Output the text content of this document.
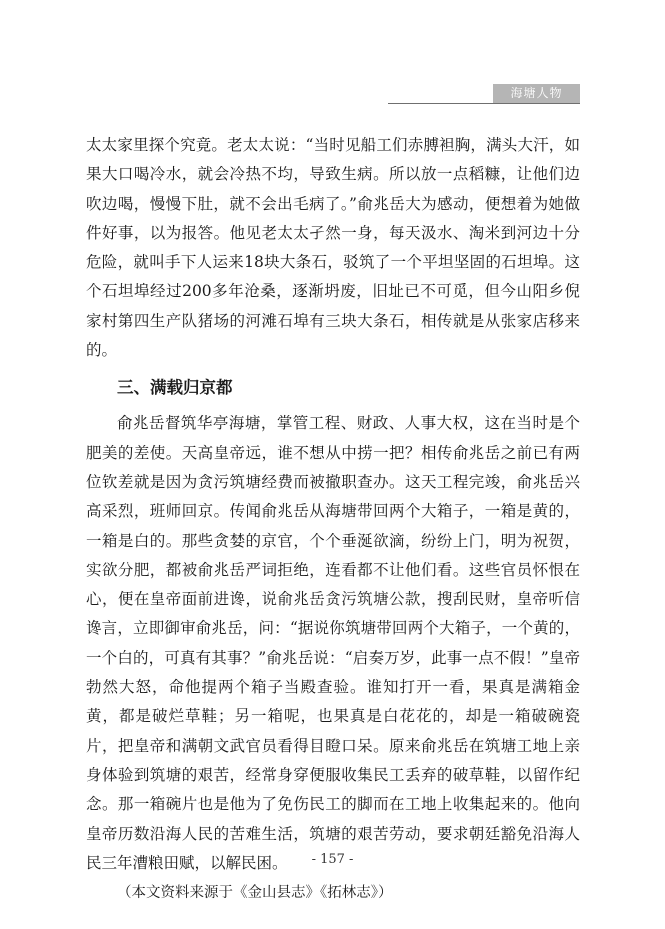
海塘人物

太太家里探个究竟。老太太说：“当时见船工们赤膊袒胸，满头大汗，如果大口喝冷水，就会冷热不均，导致生病。所以放一点稻糠，让他们边吹边喝，慢慢下肚，就不会出毛病了。”俞兆岳大为感动，便想着为她做件好事，以为报答。他见老太太孑然一身，每天汲水、淘米到河边十分危险，就叫手下人运来18块大条石，驳筑了一个平坦坚固的石坦埠。这个石坦埠经过200多年沧桑，逐渐坍废，旧址已不可觅，但今山阳乡倪家村第四生产队猪场的河滩石埠有三块大条石，相传就是从张家店移来的。

三、满载归京都

俞兆岳督筑华亭海塘，掌管工程、财政、人事大权，这在当时是个肥美的差使。天高皇帝远，谁不想从中捞一把？相传俞兆岳之前已有两位钦差就是因为贪污筑塘经费而被撤职查办。这天工程完竣，俞兆岳兴高采烈，班师回京。传闻俞兆岳从海塘带回两个大箱子，一箱是黄的，一箱是白的。那些贪婪的京官，个个垂涎欲滴，纷纷上门，明为祝贺，实欲分肥，都被俞兆岳严词拒绝，连看都不让他们看。这些官员怀恨在心，便在皇帝面前进谗，说俞兆岳贪污筑塘公款，搜刮民财，皇帝听信谗言，立即御审俞兆岳，问：“据说你筑塘带回两个大箱子，一个黄的，一个白的，可真有其事？”俞兆岳说：“启奏万岁，此事一点不假！”皇帝勃然大怒，命他提两个箱子当殿查验。谁知打开一看，果真是满箱金黄，都是破烂草鞋；另一箱呢，也果真是白花花的，却是一箱破碗瓷片，把皇帝和满朝文武官员看得目瞪口呆。原来俞兆岳在筑塘工地上亲身体验到筑塘的艰苦，经常身穿便服收集民工丢弃的破草鞋，以留作纪念。那一箱碗片也是他为了免伤民工的脚而在工地上收集起来的。他向皇帝历数沿海人民的苦难生活，筑塘的艰苦劳动，要求朝廷豁免沿海人民三年漕粮田赋，以解民困。

（本文资料来源于《金山县志》《拓林志》）

- 157 -
